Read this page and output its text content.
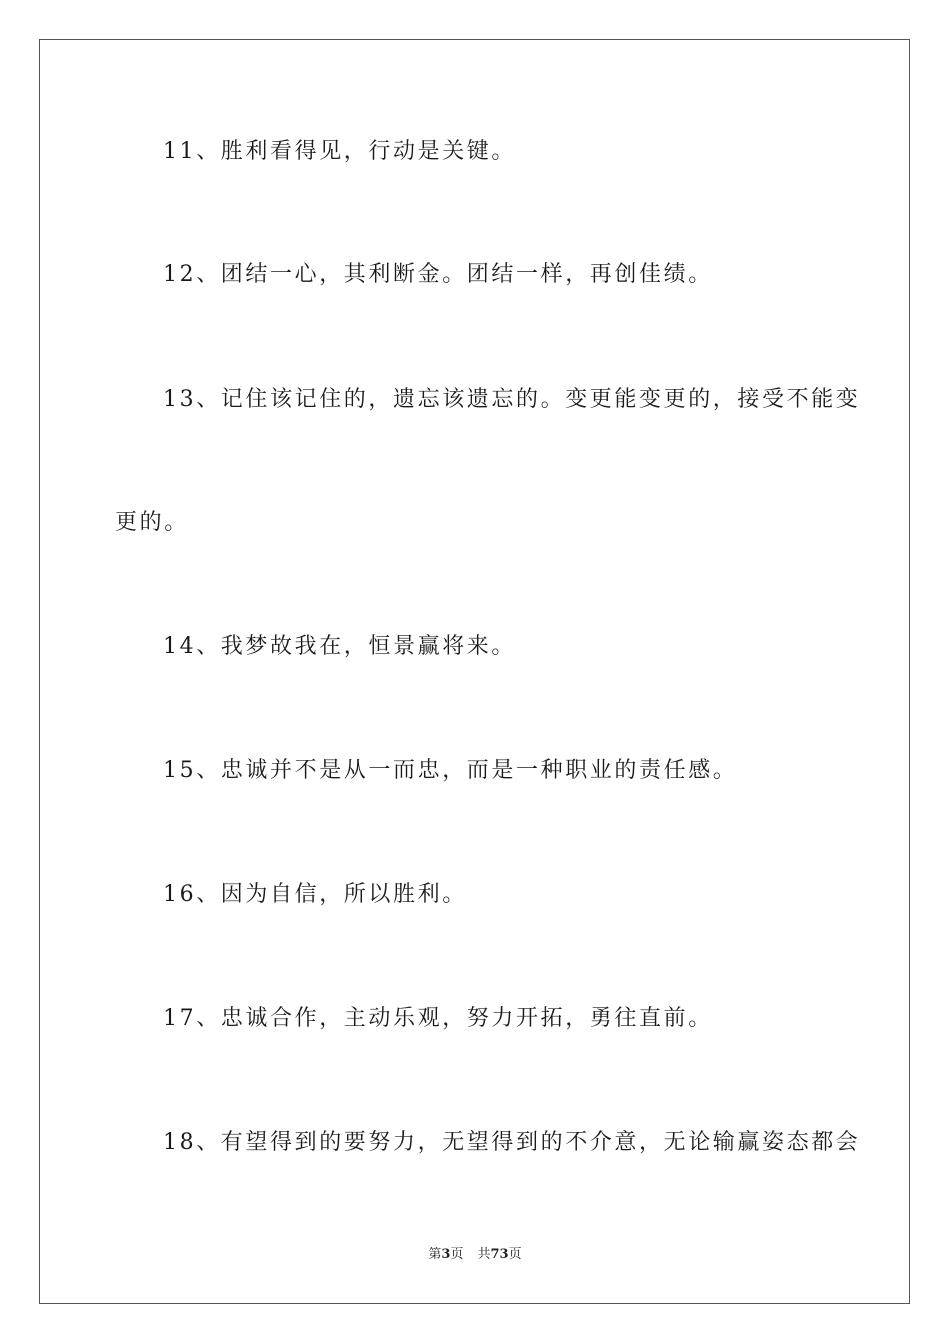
11、胜利看得见，行动是关键。
12、团结一心，其利断金。团结一样，再创佳绩。
13、记住该记住的，遗忘该遗忘的。变更能变更的，接受不能变
更的。
14、我梦故我在，恒景赢将来。
15、忠诚并不是从一而忠，而是一种职业的责任感。
16、因为自信，所以胜利。
17、忠诚合作，主动乐观，努力开拓，勇往直前。
18、有望得到的要努力，无望得到的不介意，无论输赢姿态都会
第3页 共73页
